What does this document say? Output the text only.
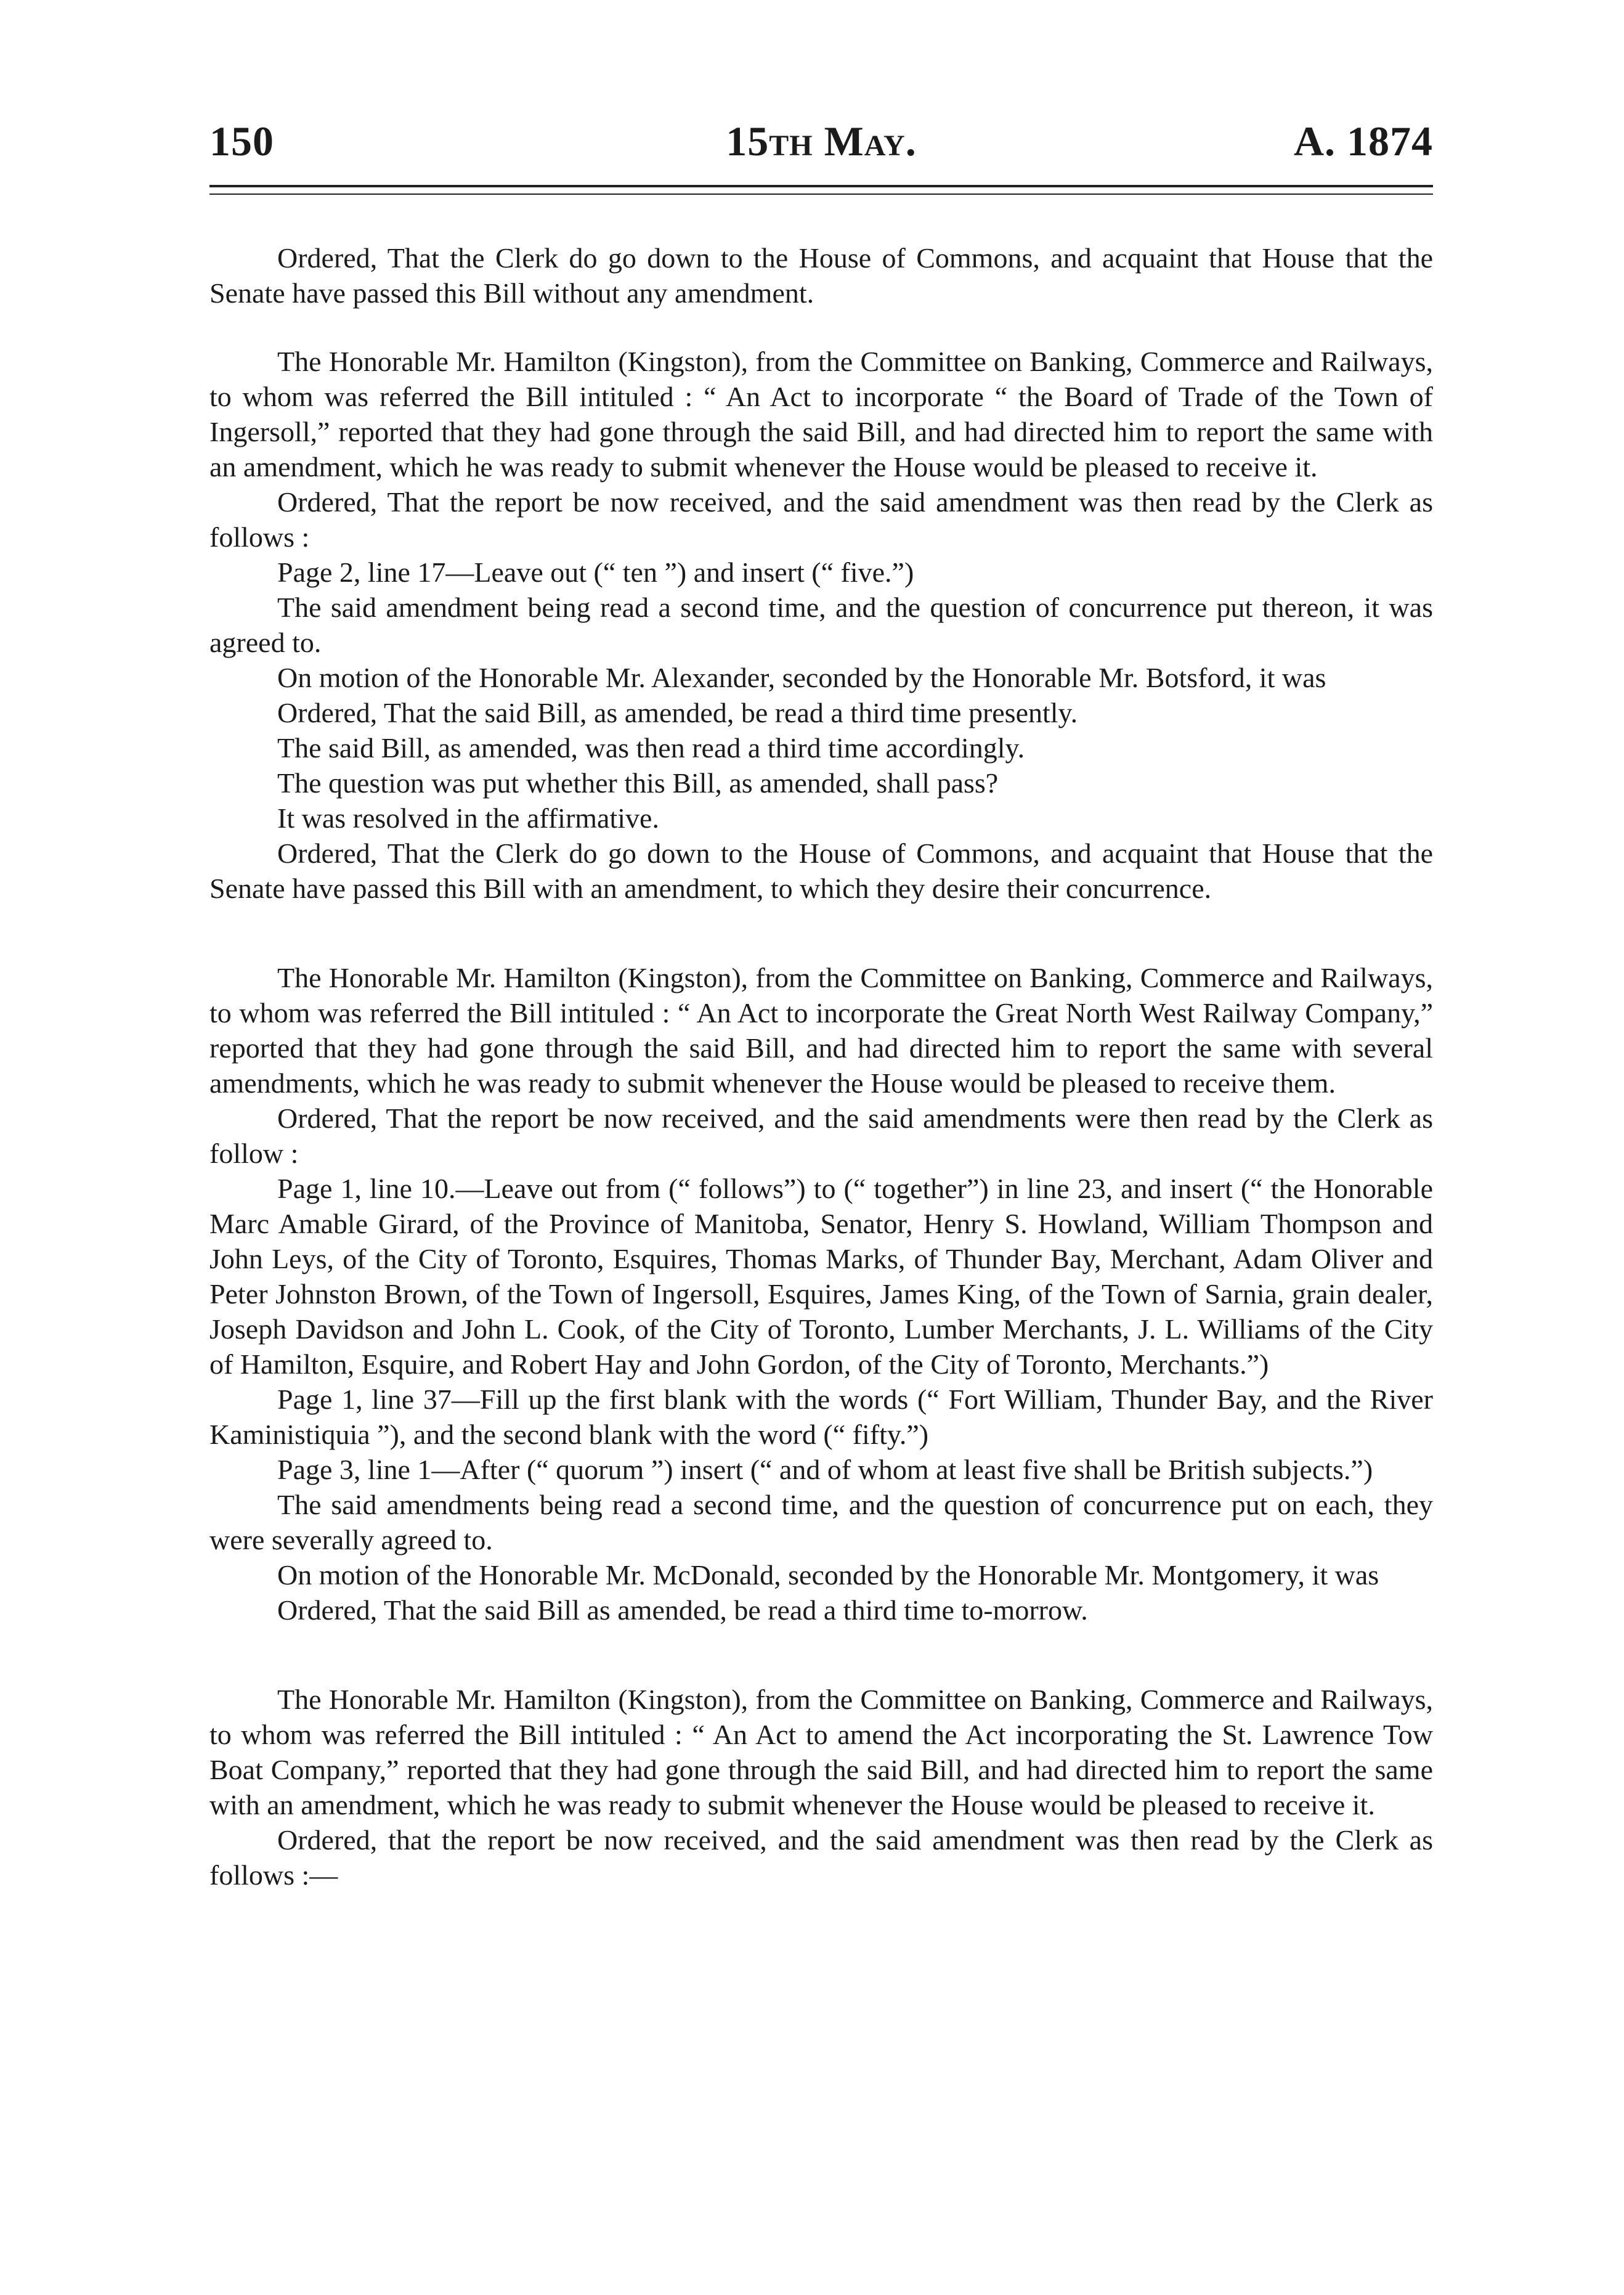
150	15th May.	A. 1874

Ordered, That the Clerk do go down to the House of Commons, and acquaint that House that the Senate have passed this Bill without any amendment.

The Honorable Mr. Hamilton (Kingston), from the Committee on Banking, Commerce and Railways, to whom was referred the Bill intituled : “ An Act to incorporate “ the Board of Trade of the Town of Ingersoll,” reported that they had gone through the said Bill, and had directed him to report the same with an amendment, which he was ready to submit whenever the House would be pleased to receive it.

Ordered, That the report be now received, and the said amendment was then read by the Clerk as follows :

Page 2, line 17—Leave out (“ ten ”) and insert (“ five.”)

The said amendment being read a second time, and the question of concurrence put thereon, it was agreed to.

On motion of the Honorable Mr. Alexander, seconded by the Honorable Mr. Botsford, it was

Ordered, That the said Bill, as amended, be read a third time presently.

The said Bill, as amended, was then read a third time accordingly.

The question was put whether this Bill, as amended, shall pass?

It was resolved in the affirmative.

Ordered, That the Clerk do go down to the House of Commons, and acquaint that House that the Senate have passed this Bill with an amendment, to which they desire their concurrence.

The Honorable Mr. Hamilton (Kingston), from the Committee on Banking, Commerce and Railways, to whom was referred the Bill intituled : “ An Act to incorporate the Great North West Railway Company,” reported that they had gone through the said Bill, and had directed him to report the same with several amendments, which he was ready to submit whenever the House would be pleased to receive them.

Ordered, That the report be now received, and the said amendments were then read by the Clerk as follow :

Page 1, line 10.—Leave out from (“ follows”) to (“ together”) in line 23, and insert (“ the Honorable Marc Amable Girard, of the Province of Manitoba, Senator, Henry S. Howland, William Thompson and John Leys, of the City of Toronto, Esquires, Thomas Marks, of Thunder Bay, Merchant, Adam Oliver and Peter Johnston Brown, of the Town of Ingersoll, Esquires, James King, of the Town of Sarnia, grain dealer, Joseph Davidson and John L. Cook, of the City of Toronto, Lumber Merchants, J. L. Williams of the City of Hamilton, Esquire, and Robert Hay and John Gordon, of the City of Toronto, Merchants.”)

Page 1, line 37—Fill up the first blank with the words (“ Fort William, Thunder Bay, and the River Kaministiquia ”), and the second blank with the word (“ fifty.”)

Page 3, line 1—After (“ quorum ”) insert (“ and of whom at least five shall be British subjects.”)

The said amendments being read a second time, and the question of concurrence put on each, they were severally agreed to.

On motion of the Honorable Mr. McDonald, seconded by the Honorable Mr. Montgomery, it was

Ordered, That the said Bill as amended, be read a third time to-morrow.

The Honorable Mr. Hamilton (Kingston), from the Committee on Banking, Commerce and Railways, to whom was referred the Bill intituled : “ An Act to amend the Act incorporating the St. Lawrence Tow Boat Company,” reported that they had gone through the said Bill, and had directed him to report the same with an amendment, which he was ready to submit whenever the House would be pleased to receive it.

Ordered, that the report be now received, and the said amendment was then read by the Clerk as follows :—
